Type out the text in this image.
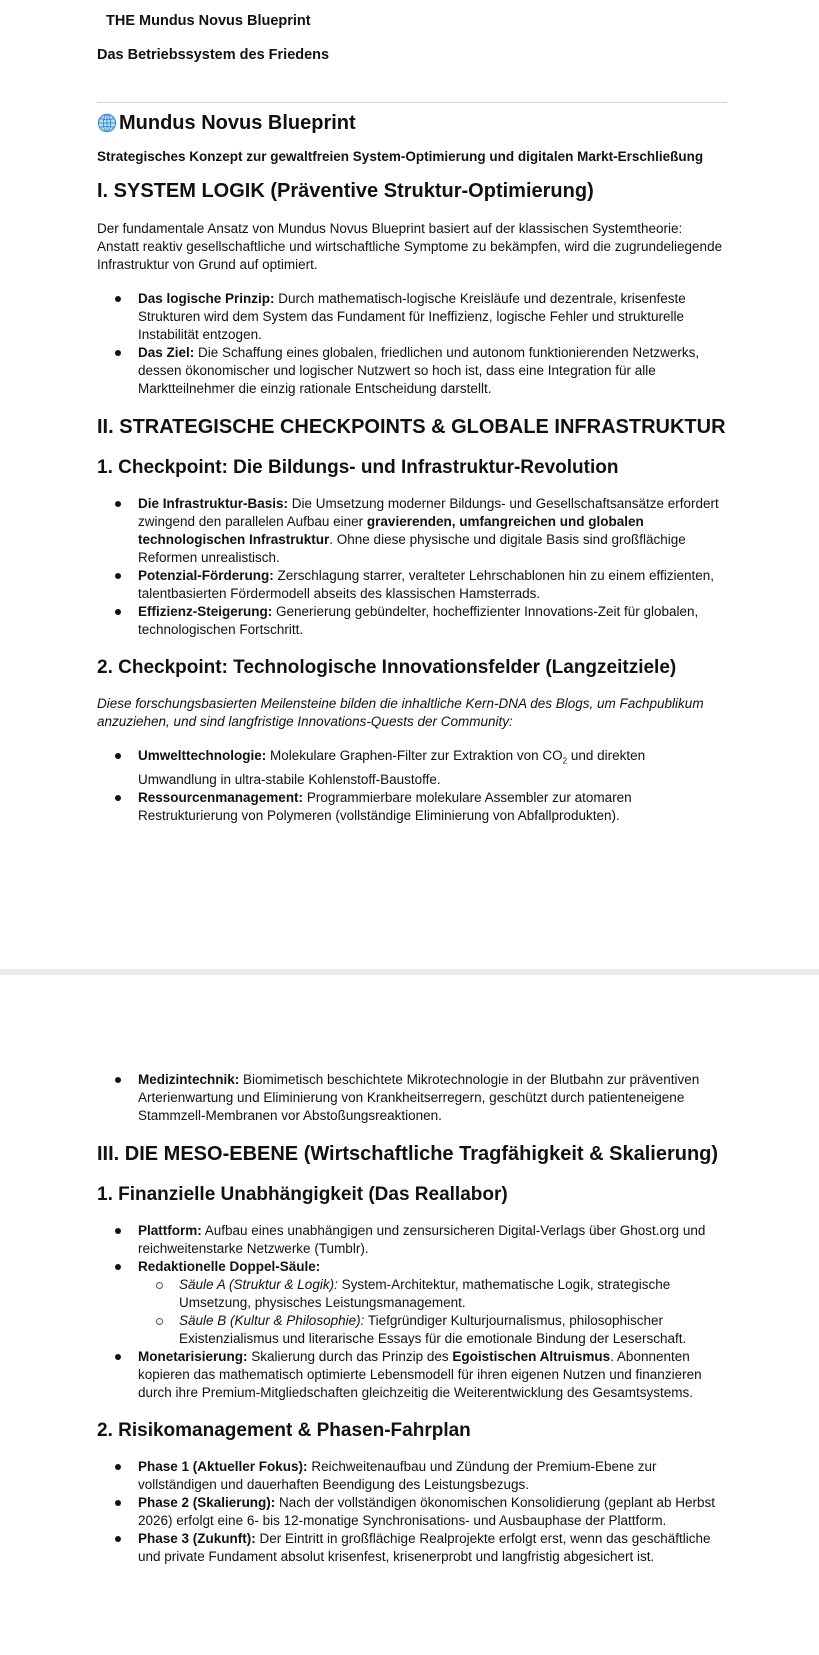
THE Mundus Novus Blueprint
Das Betriebssystem des Friedens
Mundus Novus Blueprint

Strategisches Konzept zur gewaltfreien System-Optimierung und digitalen Markt-Erschließung

I. SYSTEM LOGIK (Präventive Struktur-Optimierung)

Der fundamentale Ansatz von Mundus Novus Blueprint basiert auf der klassischen Systemtheorie: Anstatt reaktiv gesellschaftliche und wirtschaftliche Symptome zu bekämpfen, wird die zugrundeliegende Infrastruktur von Grund auf optimiert.

Das logische Prinzip: Durch mathematisch-logische Kreisläufe und dezentrale, krisenfeste Strukturen wird dem System das Fundament für Ineffizienz, logische Fehler und strukturelle Instabilität entzogen.
Das Ziel: Die Schaffung eines globalen, friedlichen und autonom funktionierenden Netzwerks, dessen ökonomischer und logischer Nutzwert so hoch ist, dass eine Integration für alle Marktteilnehmer die einzig rationale Entscheidung darstellt.
II. STRATEGISCHE CHECKPOINTS & GLOBALE INFRASTRUKTUR
1. Checkpoint: Die Bildungs- und Infrastruktur-Revolution
Die Infrastruktur-Basis: Die Umsetzung moderner Bildungs- und Gesellschaftsansätze erfordert zwingend den parallelen Aufbau einer gravierenden, umfangreichen und globalen technologischen Infrastruktur. Ohne diese physische und digitale Basis sind großflächige Reformen unrealistisch.
Potenzial-Förderung: Zerschlagung starrer, veralteter Lehrschablonen hin zu einem effizienten, talentbasierten Fördermodell abseits des klassischen Hamsterrads.
Effizienz-Steigerung: Generierung gebündelter, hocheffizienter Innovations-Zeit für globalen, technologischen Fortschritt.
2. Checkpoint: Technologische Innovationsfelder (Langzeitziele)

Diese forschungsbasierten Meilensteine bilden die inhaltliche Kern-DNA des Blogs, um Fachpublikum anzuziehen, und sind langfristige Innovations-Quests der Community:

Umwelttechnologie: Molekulare Graphen-Filter zur Extraktion von $CO_2$ und direkten Umwandlung in ultra-stabile Kohlenstoff-Baustoffe.
Ressourcenmanagement: Programmierbare molekulare Assembler zur atomaren Restrukturierung von Polymeren (vollständige Eliminierung von Abfallprodukten).
Medizintechnik: Biomimetisch beschichtete Mikrotechnologie in der Blutbahn zur präventiven Arterienwartung und Eliminierung von Krankheitserregern, geschützt durch patienteneigene Stammzell-Membranen vor Abstoßungsreaktionen.
III. DIE MESO-EBENE (Wirtschaftliche Tragfähigkeit & Skalierung)
1. Finanzielle Unabhängigkeit (Das Reallabor)
Plattform: Aufbau eines unabhängigen und zensursicheren Digital-Verlags über Ghost.org und reichweitenstarke Netzwerke (Tumblr).
Redaktionelle Doppel-Säule:
Säule A (Struktur & Logik): System-Architektur, mathematische Logik, strategische Umsetzung, physisches Leistungsmanagement.
Säule B (Kultur & Philosophie): Tiefgründiger Kulturjournalismus, philosophischer Existenzialismus und literarische Essays für die emotionale Bindung der Leserschaft.
Monetarisierung: Skalierung durch das Prinzip des Egoistischen Altruismus. Abonnenten kopieren das mathematisch optimierte Lebensmodell für ihren eigenen Nutzen und finanzieren durch ihre Premium-Mitgliedschaften gleichzeitig die Weiterentwicklung des Gesamtsystems.
2. Risikomanagement & Phasen-Fahrplan
Phase 1 (Aktueller Fokus): Reichweitenaufbau und Zündung der Premium-Ebene zur vollständigen und dauerhaften Beendigung des Leistungsbezugs.
Phase 2 (Skalierung): Nach der vollständigen ökonomischen Konsolidierung (geplant ab Herbst 2026) erfolgt eine 6- bis 12-monatige Synchronisations- und Ausbauphase der Plattform.
Phase 3 (Zukunft): Der Eintritt in großflächige Realprojekte erfolgt erst, wenn das geschäftliche und private Fundament absolut krisenfest, krisenerprobt und langfristig abgesichert ist.
